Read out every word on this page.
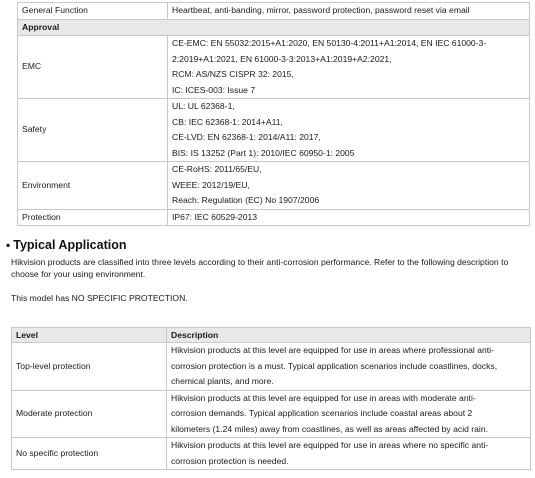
General Function	Heartbeat, anti-banding, mirror, password protection, password reset via email
Approval	
EMC	CE-EMC: EN 55032:2015+A1:2020, EN 50130-4:2011+A1:2014, EN IEC 61000-3-
2:2019+A1:2021, EN 61000-3-3:2013+A1:2019+A2:2021,
RCM: AS/NZS CISPR 32: 2015,
IC: ICES-003: Issue 7

Safety	UL: UL 62368-1,
CB: IEC 62368-1: 2014+A11,
CE-LVD: EN 62368-1: 2014/A11: 2017,
BIS: IS 13252 (Part 1): 2010/IEC 60950-1: 2005

Environment	CE-RoHS: 2011/65/EU,
WEEE: 2012/19/EU,
Reach: Regulation (EC) No 1907/2006

Protection	IP67: IEC 60529-2013
▪ Typical Application

Hikvision products are classified into three levels according to their anti-corrosion performance. Refer to the following description to choose for your using environment.

This model has NO SPECIFIC PROTECTION.

Level	Description
Top-level protection	Hikvision products at this level are equipped for use in areas where professional anti-
corrosion protection is a must. Typical application scenarios include coastlines, docks,
chemical plants, and more.

Moderate protection	Hikvision products at this level are equipped for use in areas with moderate anti-
corrosion demands. Typical application scenarios include coastal areas about 2
kilometers (1.24 miles) away from coastlines, as well as areas affected by acid rain.

No specific protection	Hikvision products at this level are equipped for use in areas where no specific anti-
corrosion protection is needed.
